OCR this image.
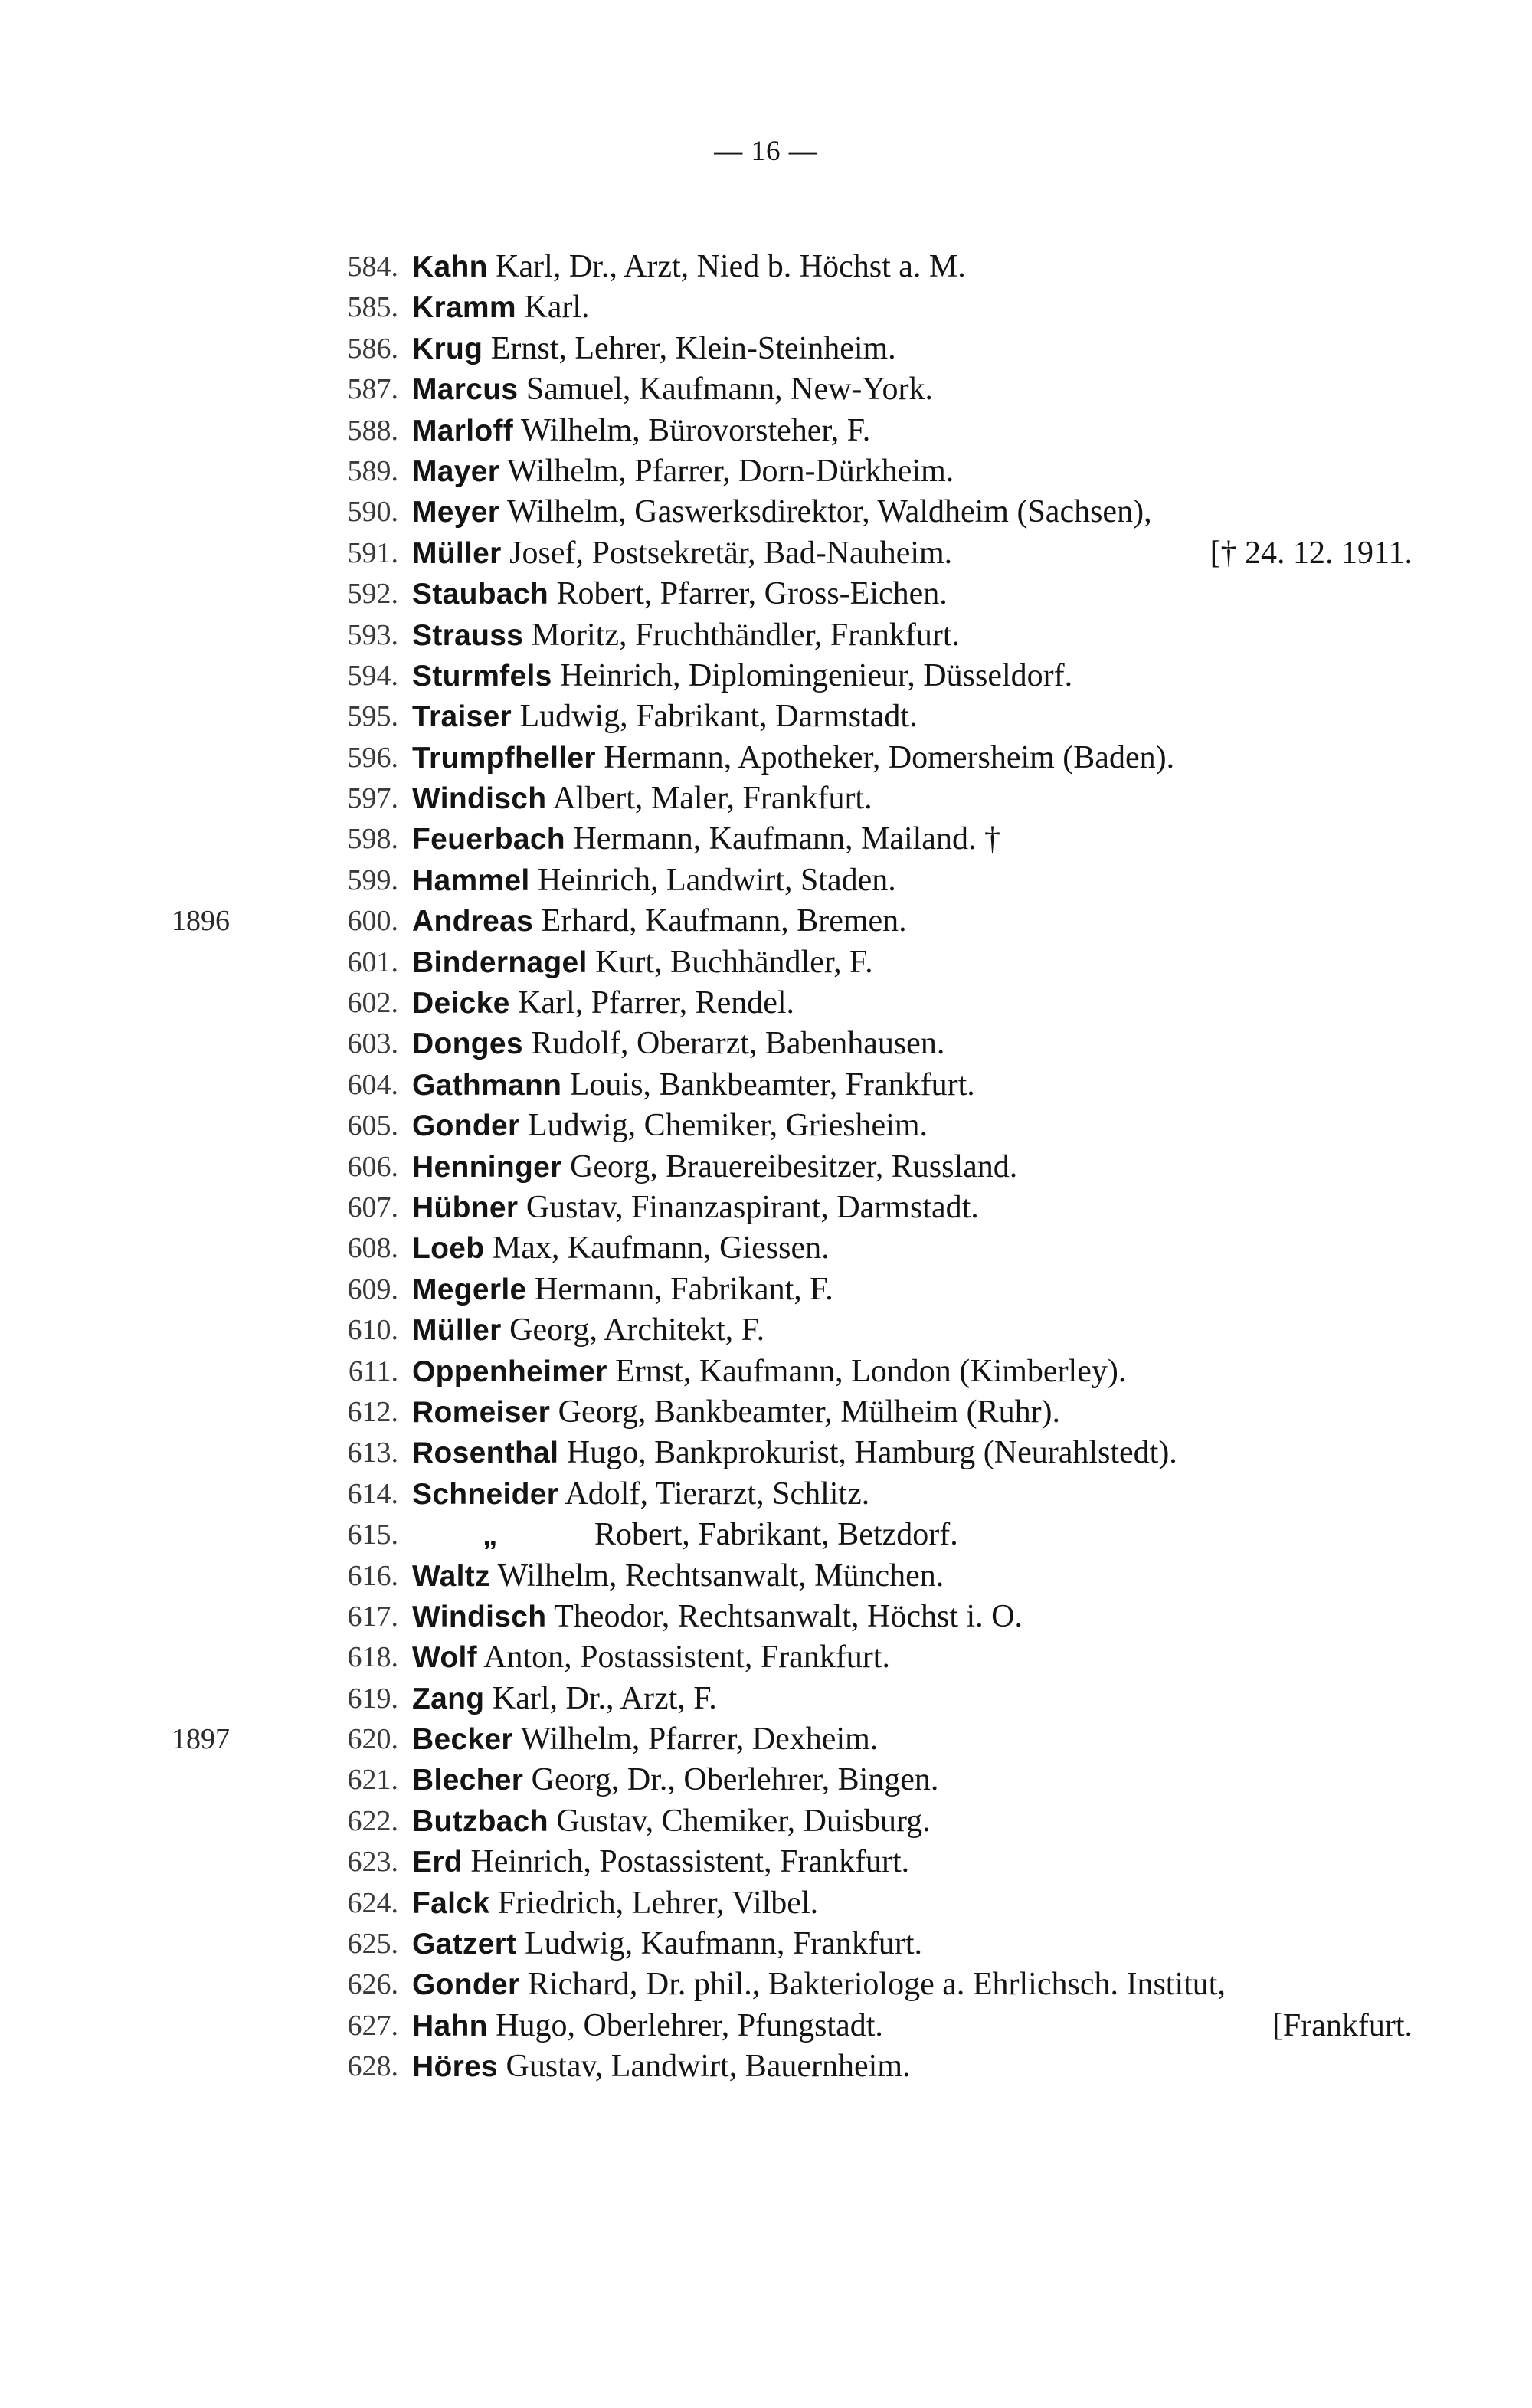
— 16 —
584. Kahn Karl, Dr., Arzt, Nied b. Höchst a. M.
585. Kramm Karl.
586. Krug Ernst, Lehrer, Klein-Steinheim.
587. Marcus Samuel, Kaufmann, New-York.
588. Marloff Wilhelm, Bürovorsteher, F.
589. Mayer Wilhelm, Pfarrer, Dorn-Dürkheim.
590. Meyer Wilhelm, Gaswerksdirektor, Waldheim (Sachsen),
591. Müller Josef, Postsekretär, Bad-Nauheim.	[† 24. 12. 1911.
592. Staubach Robert, Pfarrer, Gross-Eichen.
593. Strauss Moritz, Fruchthändler, Frankfurt.
594. Sturmfels Heinrich, Diplomingenieur, Düsseldorf.
595. Traiser Ludwig, Fabrikant, Darmstadt.
596. Trumpfheller Hermann, Apotheker, Domersheim (Baden).
597. Windisch Albert, Maler, Frankfurt.
598. Feuerbach Hermann, Kaufmann, Mailand. †
599. Hammel Heinrich, Landwirt, Staden.
1896	600. Andreas Erhard, Kaufmann, Bremen.
601. Bindernagel Kurt, Buchhändler, F.
602. Deicke Karl, Pfarrer, Rendel.
603. Donges Rudolf, Oberarzt, Babenhausen.
604. Gathmann Louis, Bankbeamter, Frankfurt.
605. Gonder Ludwig, Chemiker, Griesheim.
606. Henninger Georg, Brauereibesitzer, Russland.
607. Hübner Gustav, Finanzaspirant, Darmstadt.
608. Loeb Max, Kaufmann, Giessen.
609. Megerle Hermann, Fabrikant, F.
610. Müller Georg, Architekt, F.
611. Oppenheimer Ernst, Kaufmann, London (Kimberley).
612. Romeiser Georg, Bankbeamter, Mülheim (Ruhr).
613. Rosenthal Hugo, Bankprokurist, Hamburg (Neurahlstedt).
614. Schneider Adolf, Tierarzt, Schlitz.
615.	„	Robert, Fabrikant, Betzdorf.
616. Waltz Wilhelm, Rechtsanwalt, München.
617. Windisch Theodor, Rechtsanwalt, Höchst i. O.
618. Wolf Anton, Postassistent, Frankfurt.
619. Zang Karl, Dr., Arzt, F.
1897	620. Becker Wilhelm, Pfarrer, Dexheim.
621. Blecher Georg, Dr., Oberlehrer, Bingen.
622. Butzbach Gustav, Chemiker, Duisburg.
623. Erd Heinrich, Postassistent, Frankfurt.
624. Falck Friedrich, Lehrer, Vilbel.
625. Gatzert Ludwig, Kaufmann, Frankfurt.
626. Gonder Richard, Dr. phil., Bakteriologe a. Ehrlichsch. Institut,
627. Hahn Hugo, Oberlehrer, Pfungstadt.	[Frankfurt.
628. Höres Gustav, Landwirt, Bauernheim.
